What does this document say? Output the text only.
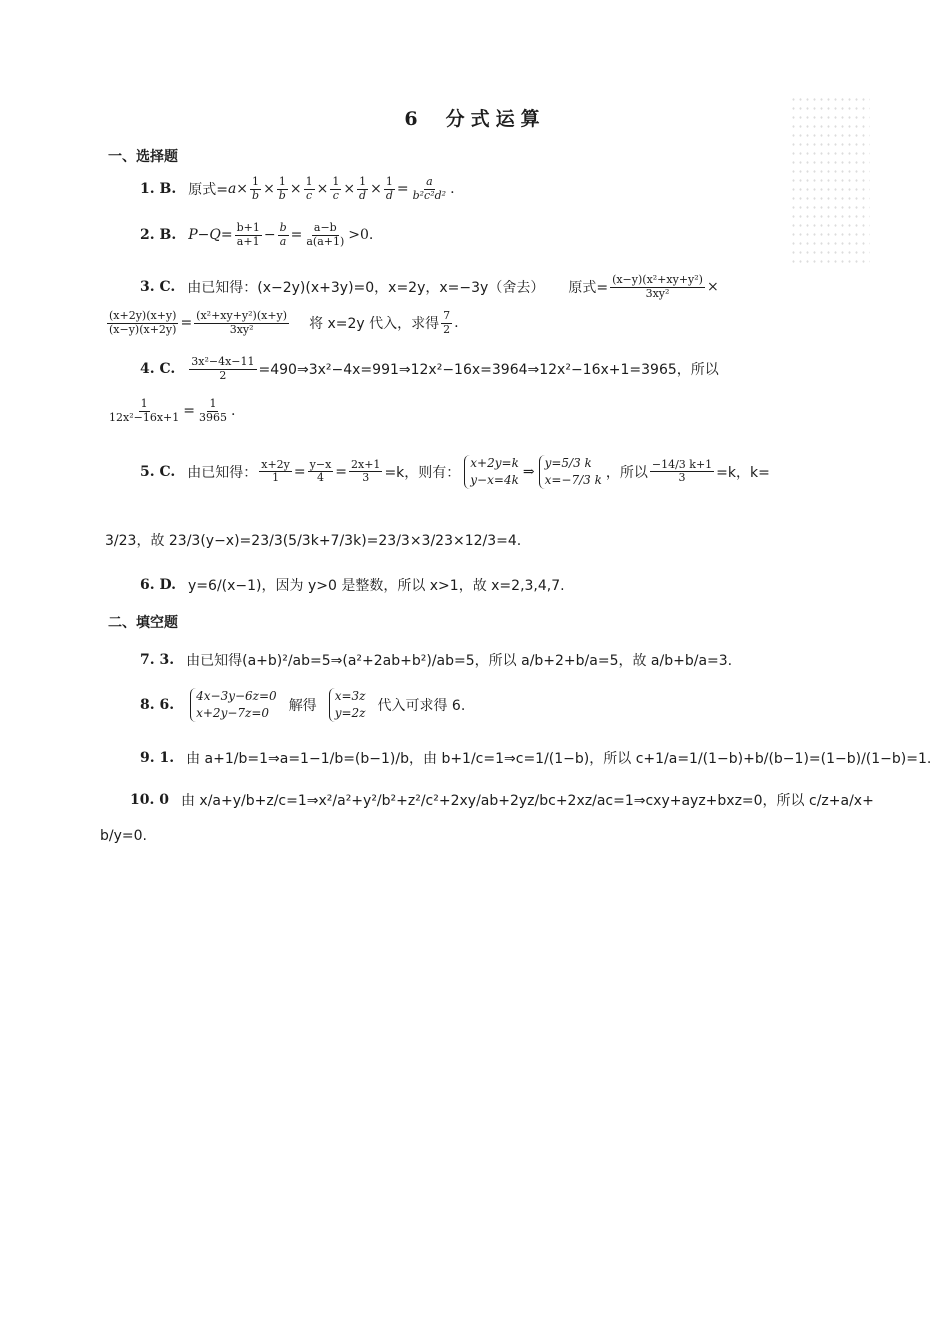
6 分式运算
一、选择题
1. B. 原式= $a\times \frac{1}{b} \times \frac{1}{b} \times \frac{1}{c} \times \frac{1}{c} \times \frac{1}{d} \times \frac{1}{d} = \frac{a}{\text{b²c²d²}}$ .
2. B. $P-Q= \frac{b+1}{a+1} - \frac{b}{a} = \frac{a-b}{a(a+1)} >0$.
3. C. 由已知得：(x−2y)(x+3y)=0，x=2y，x=−3y（舍去） 原式= $\frac{\text{(x−y)(x²+xy+y²)}}{\text{3xy²}}$ ×
$\frac{(x+2y)(x+y)}{(x-y)(x+2y)} = \frac{\text{(x²+xy+y²)(x+y)}}{\text{3xy²}}$ 将 x=2y 代入，求得 $\frac{7}{2}$ .
4. C. $\frac{\text{3x²−4x−11}}{2}$ =490⇒3x²−4x=991⇒12x²−16x=3964⇒12x²−16x+1=3965，所以
$\frac{1}{\text{12x²−16x+1}} = \frac{1}{3965}$ .
5. C. 由已知得： $\frac{x+2y}{1} = \frac{y-x}{4} = \frac{2x+1}{3} =k$，则有：
x+2y=k
y−x=4k ⇒
y=5/3 k
x=−7/3 k ，所以 $\frac{-14/3 k+1}{3} =k$，k=
3/23，故 23/3(y−x)=23/3(5/3k+7/3k)=23/3×3/23×12/3=4.
6. D. y=6/(x−1)，因为 y>0 是整数，所以 x>1，故 x=2,3,4,7.
二、填空题
7. 3. 由已知得(a+b)²/ab=5⇒(a²+2ab+b²)/ab=5，所以 a/b+2+b/a=5，故 a/b+b/a=3.
8. 6.
4x−3y−6z=0
x+2y−7z=0	解得
x=3z
y=2z 代入可求得 6.
9. 1. 由 a+1/b=1⇒a=1−1/b=(b−1)/b，由 b+1/c=1⇒c=1/(1−b)，所以 c+1/a=1/(1−b)+b/(b−1)=(1−b)/(1−b)=1.
10. 0 由 x/a+y/b+z/c=1⇒x²/a²+y²/b²+z²/c²+2xy/ab+2yz/bc+2xz/ac=1⇒cxy+ayz+bxz=0，所以 c/z+a/x+
b/y=0.
